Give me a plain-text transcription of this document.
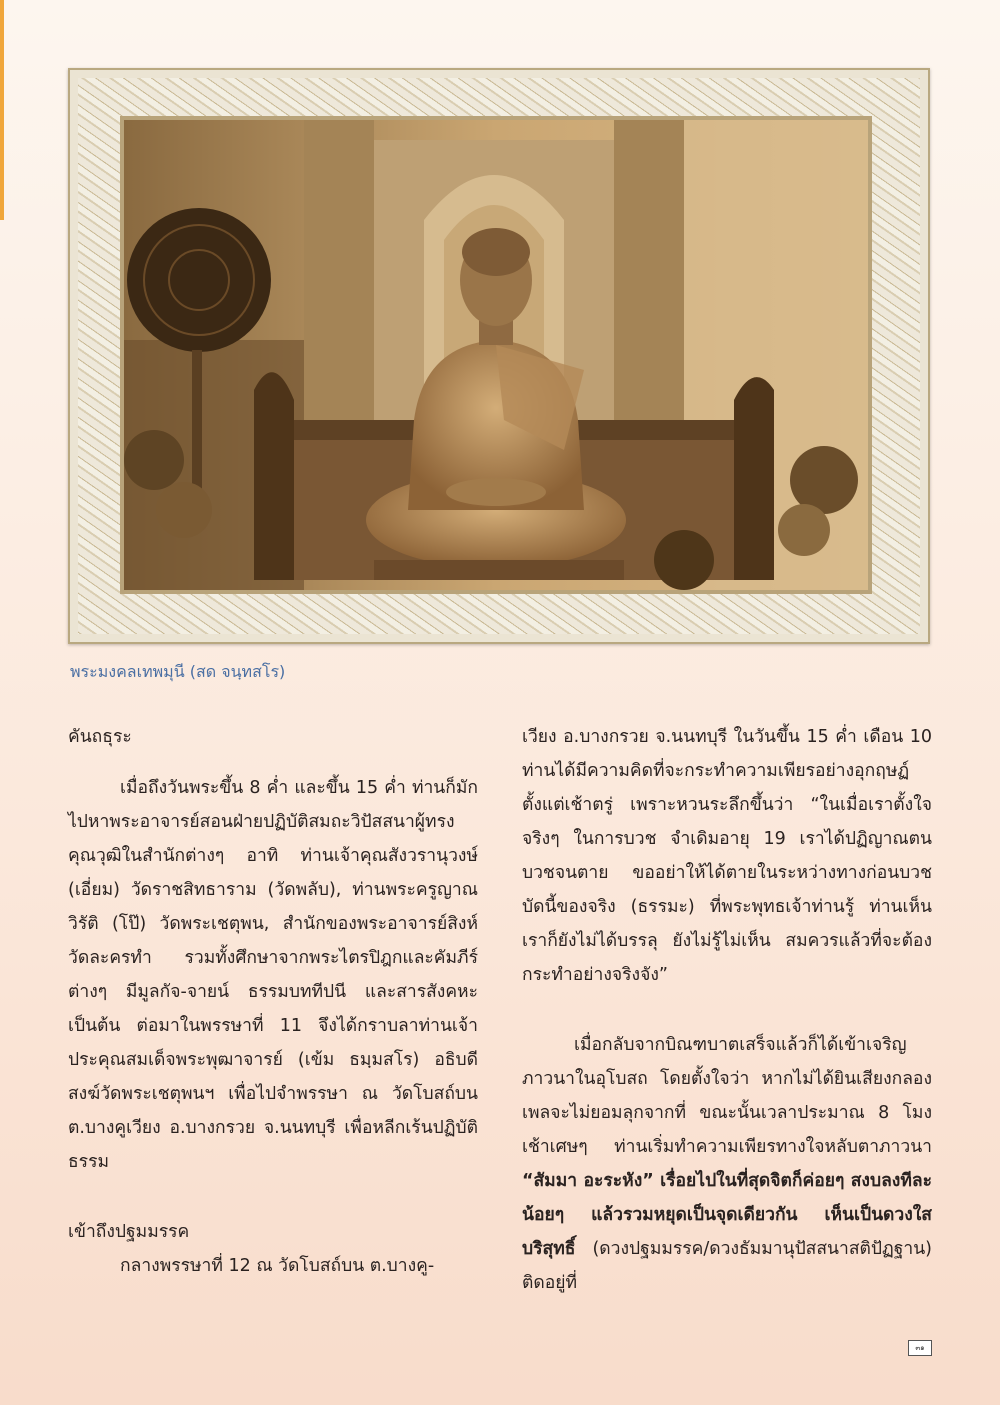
พระมงคลเทพมุนี (สด จนฺทสโร)

คันถธุระ

เมื่อถึงวันพระขึ้น 8 ค่ำ และขึ้น 15 ค่ำ ท่านก็มักไปหาพระอาจารย์สอนฝ่ายปฏิบัติสมถะวิปัสสนาผู้ทรงคุณวุฒิในสำนักต่างๆ อาทิ ท่านเจ้าคุณสังวรานุวงษ์ (เอี่ยม) วัดราชสิทธาราม (วัดพลับ), ท่านพระครูญาณวิรัติ (โป๊) วัดพระเชตุพน, สำนักของพระอาจารย์สิงห์ วัดละครทำ รวมทั้งศึกษาจากพระไตรปิฎกและคัมภีร์ต่างๆ มีมูลกัจ-จายน์ ธรรมบททีปนี และสารสังคหะ เป็นต้น ต่อมาในพรรษาที่ 11 จึงได้กราบลาท่านเจ้าประคุณสมเด็จพระพุฒาจารย์ (เข้ม ธมฺมสโร) อธิบดีสงฆ์วัดพระเชตุพนฯ เพื่อไปจำพรรษา ณ วัดโบสถ์บน ต.บางคูเวียง อ.บางกรวย จ.นนทบุรี เพื่อหลีกเร้นปฏิบัติธรรม

เข้าถึงปฐมมรรค

กลางพรรษาที่ 12 ณ วัดโบสถ์บน ต.บางคู-

เวียง อ.บางกรวย จ.นนทบุรี ในวันขึ้น 15 ค่ำ เดือน 10 ท่านได้มีความคิดที่จะกระทำความเพียรอย่างอุกฤษฏ์ตั้งแต่เช้าตรู่ เพราะหวนระลึกขึ้นว่า “ในเมื่อเราตั้งใจจริงๆ ในการบวช จำเดิมอายุ 19 เราได้ปฏิญาณตนบวชจนตาย ขออย่าให้ได้ตายในระหว่างทางก่อนบวช บัดนี้ของจริง (ธรรมะ) ที่พระพุทธเจ้าท่านรู้ ท่านเห็น เราก็ยังไม่ได้บรรลุ ยังไม่รู้ไม่เห็น สมควรแล้วที่จะต้องกระทำอย่างจริงจัง”

เมื่อกลับจากบิณฑบาตเสร็จแล้วก็ได้เข้าเจริญภาวนาในอุโบสถ โดยตั้งใจว่า หากไม่ได้ยินเสียงกลองเพลจะไม่ยอมลุกจากที่ ขณะนั้นเวลาประมาณ 8 โมงเช้าเศษๆ ท่านเริ่มทำความเพียรทางใจหลับตาภาวนา “สัมมา อะระหัง” เรื่อยไปในที่สุดจิตก็ค่อยๆ สงบลงทีละน้อยๆ แล้วรวมหยุดเป็นจุดเดียวกัน เห็นเป็นดวงใสบริสุทธิ์ (ดวงปฐมมรรค/ดวงธัมมานุปัสสนาสติปัฏฐาน) ติดอยู่ที่

๓๑
